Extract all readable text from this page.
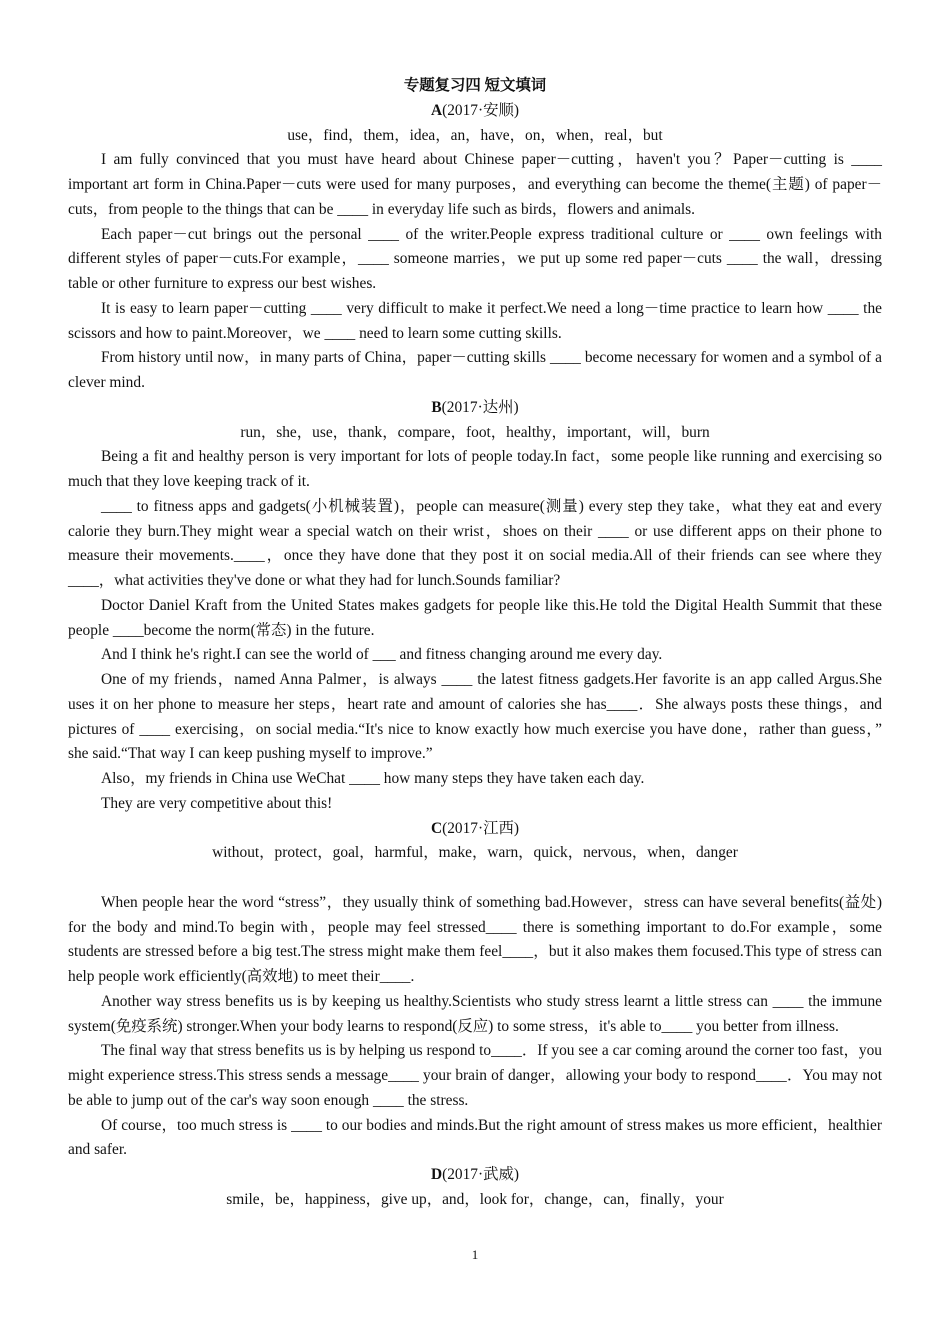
专题复习四 短文填词

A(2017·安顺)

use，find，them，idea，an，have，on，when，real，but

I am fully convinced that you must have heard about Chinese paper－cutting，haven't you？Paper－cutting is ____ important art form in China.Paper－cuts were used for many purposes，and everything can become the theme(主题) of paper－cuts，from people to the things that can be ____ in everyday life such as birds，flowers and animals.

Each paper－cut brings out the personal ____ of the writer.People express traditional culture or ____ own feelings with different styles of paper－cuts.For example，____ someone marries，we put up some red paper－cuts ____ the wall，dressing table or other furniture to express our best wishes.

It is easy to learn paper－cutting ____ very difficult to make it perfect.We need a long－time practice to learn how ____ the scissors and how to paint.Moreover，we ____ need to learn some cutting skills.

From history until now，in many parts of China，paper－cutting skills ____ become necessary for women and a symbol of a clever mind.

B(2017·达州)

run，she，use，thank，compare，foot，healthy，important，will，burn

Being a fit and healthy person is very important for lots of people today.In fact，some people like running and exercising so much that they love keeping track of it.

____ to fitness apps and gadgets(小机械装置)，people can measure(测量) every step they take，what they eat and every calorie they burn.They might wear a special watch on their wrist，shoes on their ____ or use different apps on their phone to measure their movements.____，once they have done that they post it on social media.All of their friends can see where they ____，what activities they've done or what they had for lunch.Sounds familiar?

Doctor Daniel Kraft from the United States makes gadgets for people like this.He told the Digital Health Summit that these people ____become the norm(常态) in the future.

And I think he's right.I can see the world of ___ and fitness changing around me every day.

One of my friends，named Anna Palmer，is always ____ the latest fitness gadgets.Her favorite is an app called Argus.She uses it on her phone to measure her steps，heart rate and amount of calories she has____．She always posts these things，and pictures of ____ exercising，on social media.“It's nice to know exactly how much exercise you have done，rather than guess，” she said.“That way I can keep pushing myself to improve.”

Also，my friends in China use WeChat ____ how many steps they have taken each day.

They are very competitive about this!

C(2017·江西)

without，protect，goal，harmful，make，warn，quick，nervous，when，danger

When people hear the word “stress”，they usually think of something bad.However，stress can have several benefits(益处) for the body and mind.To begin with，people may feel stressed____ there is something important to do.For example，some students are stressed before a big test.The stress might make them feel____，but it also makes them focused.This type of stress can help people work efficiently(高效地) to meet their____.

Another way stress benefits us is by keeping us healthy.Scientists who study stress learnt a little stress can ____ the immune system(免疫系统) stronger.When your body learns to respond(反应) to some stress，it's able to____ you better from illness.

The final way that stress benefits us is by helping us respond to____．If you see a car coming around the corner too fast，you might experience stress.This stress sends a message____ your brain of danger，allowing your body to respond____．You may not be able to jump out of the car's way soon enough ____ the stress.

Of course，too much stress is ____ to our bodies and minds.But the right amount of stress makes us more efficient，healthier and safer.

D(2017·武威)

smile，be，happiness，give up，and，look for，change，can，finally，your

1
